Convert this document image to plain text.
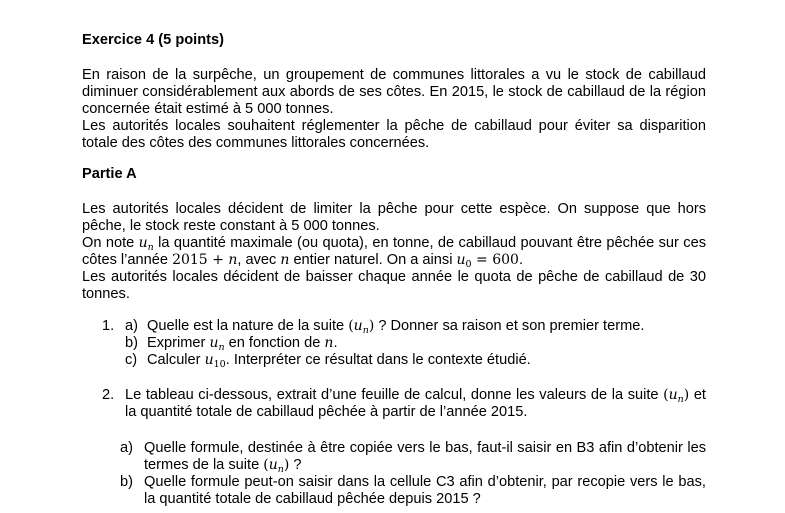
Exercice 4 (5 points)
En raison de la surpêche, un groupement de communes littorales a vu le stock de cabillaud
diminuer considérablement aux abords de ses côtes. En 2015, le stock de cabillaud de la région
concernée était estimé à 5 000 tonnes.
Les autorités locales souhaitent réglementer la pêche de cabillaud pour éviter sa disparition
totale des côtes des communes littorales concernées.
Partie A
Les autorités locales décident de limiter la pêche pour cette espèce. On suppose que hors
pêche, le stock reste constant à 5 000 tonnes.
On note $u_n$ la quantité maximale (ou quota), en tonne, de cabillaud pouvant être pêchée sur ces
côtes l’année 2015 + n, avec n entier naturel. On a ainsi $u_0 = 600$.
Les autorités locales décident de baisser chaque année le quota de pêche de cabillaud de 30
tonnes.
1. a) Quelle est la nature de la suite $(u_n)$ ? Donner sa raison et son premier terme.
b) Exprimer $u_n$ en fonction de n.
c) Calculer $u_{10}$. Interpréter ce résultat dans le contexte étudié.
2. Le tableau ci-dessous, extrait d’une feuille de calcul, donne les valeurs de la suite $(u_n)$ et
la quantité totale de cabillaud pêchée à partir de l’année 2015.
a) Quelle formule, destinée à être copiée vers le bas, faut-il saisir en B3 afin d’obtenir les
termes de la suite $(u_n)$ ?
b) Quelle formule peut-on saisir dans la cellule C3 afin d’obtenir, par recopie vers le bas,
la quantité totale de cabillaud pêchée depuis 2015 ?
